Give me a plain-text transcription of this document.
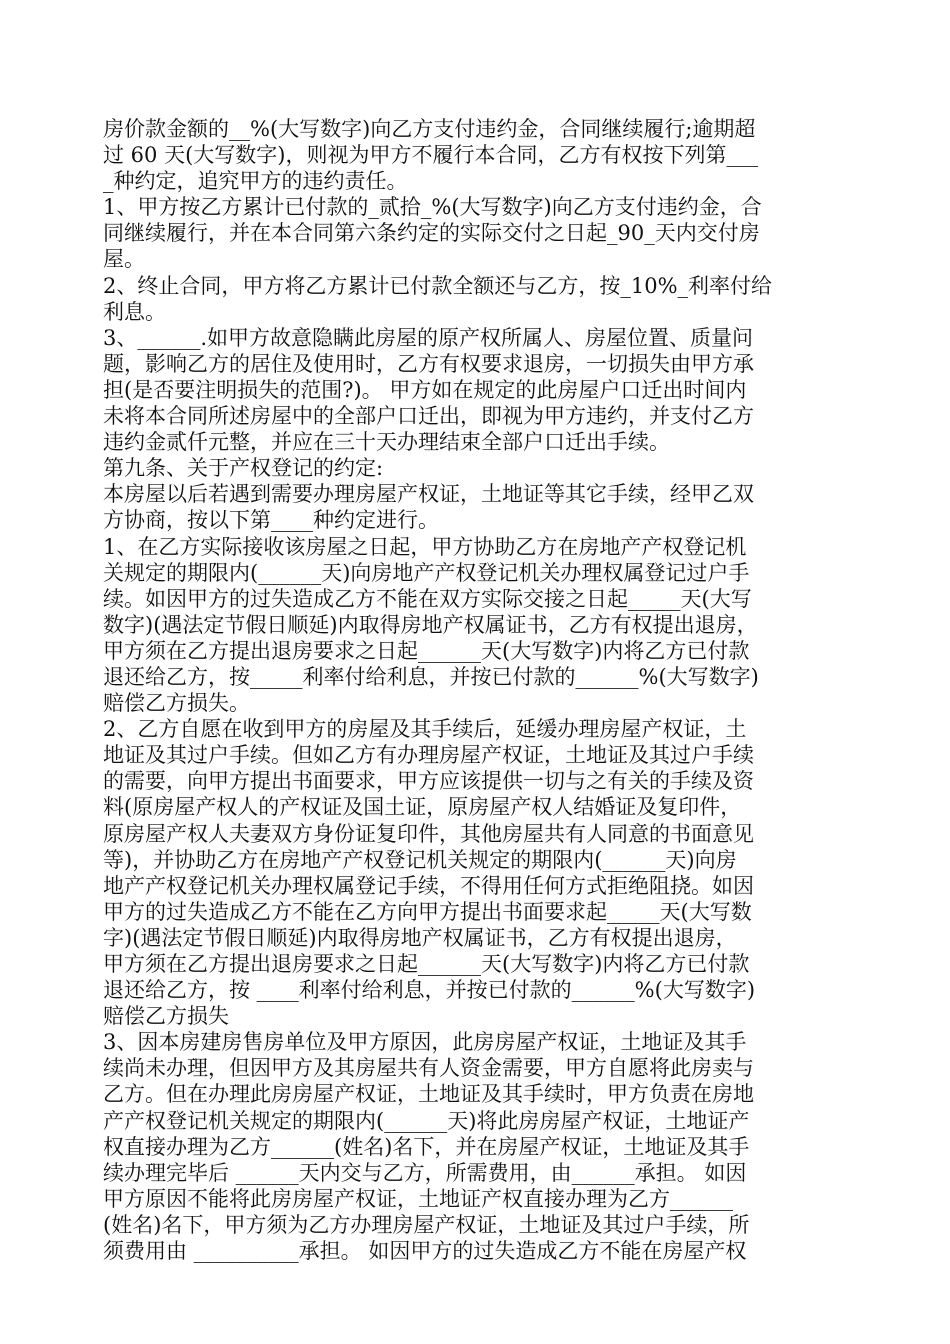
房价款金额的__%(大写数字)向乙方支付违约金，合同继续履行;逾期超
过 60 天(大写数字)，则视为甲方不履行本合同，乙方有权按下列第___
_种约定，追究甲方的违约责任。
1、甲方按乙方累计已付款的_贰拾_%(大写数字)向乙方支付违约金，合
同继续履行，并在本合同第六条约定的实际交付之日起_90_天内交付房
屋。
2、终止合同，甲方将乙方累计已付款全额还与乙方，按_10%_利率付给
利息。
3、______.如甲方故意隐瞒此房屋的原产权所属人、房屋位置、质量问
题，影响乙方的居住及使用时，乙方有权要求退房，一切损失由甲方承
担(是否要注明损失的范围?)。 甲方如在规定的此房屋户口迁出时间内
未将本合同所述房屋中的全部户口迁出，即视为甲方违约，并支付乙方
违约金贰仟元整，并应在三十天办理结束全部户口迁出手续。
第九条、关于产权登记的约定:
本房屋以后若遇到需要办理房屋产权证，土地证等其它手续，经甲乙双
方协商，按以下第____种约定进行。
1、在乙方实际接收该房屋之日起，甲方协助乙方在房地产产权登记机
关规定的期限内(______天)向房地产产权登记机关办理权属登记过户手
续。如因甲方的过失造成乙方不能在双方实际交接之日起_____天(大写
数字)(遇法定节假日顺延)内取得房地产权属证书，乙方有权提出退房，
甲方须在乙方提出退房要求之日起______天(大写数字)内将乙方已付款
退还给乙方，按_____利率付给利息，并按已付款的______%(大写数字)
赔偿乙方损失。
2、乙方自愿在收到甲方的房屋及其手续后，延缓办理房屋产权证，土
地证及其过户手续。但如乙方有办理房屋产权证，土地证及其过户手续
的需要，向甲方提出书面要求，甲方应该提供一切与之有关的手续及资
料(原房屋产权人的产权证及国土证，原房屋产权人结婚证及复印件，
原房屋产权人夫妻双方身份证复印件，其他房屋共有人同意的书面意见
等)，并协助乙方在房地产产权登记机关规定的期限内(______天)向房
地产产权登记机关办理权属登记手续，不得用任何方式拒绝阻挠。如因
甲方的过失造成乙方不能在乙方向甲方提出书面要求起_____天(大写数
字)(遇法定节假日顺延)内取得房地产权属证书，乙方有权提出退房，
甲方须在乙方提出退房要求之日起______天(大写数字)内将乙方已付款
退还给乙方，按 ____利率付给利息，并按已付款的______%(大写数字)
赔偿乙方损失
3、因本房建房售房单位及甲方原因，此房房屋产权证，土地证及其手
续尚未办理，但因甲方及其房屋共有人资金需要，甲方自愿将此房卖与
乙方。但在办理此房房屋产权证，土地证及其手续时，甲方负责在房地
产产权登记机关规定的期限内(______天)将此房房屋产权证，土地证产
权直接办理为乙方______(姓名)名下，并在房屋产权证，土地证及其手
续办理完毕后 ______天内交与乙方，所需费用，由______承担。 如因
甲方原因不能将此房房屋产权证，土地证产权直接办理为乙方______
(姓名)名下，甲方须为乙方办理房屋产权证，土地证及其过户手续，所
须费用由 __________承担。 如因甲方的过失造成乙方不能在房屋产权
